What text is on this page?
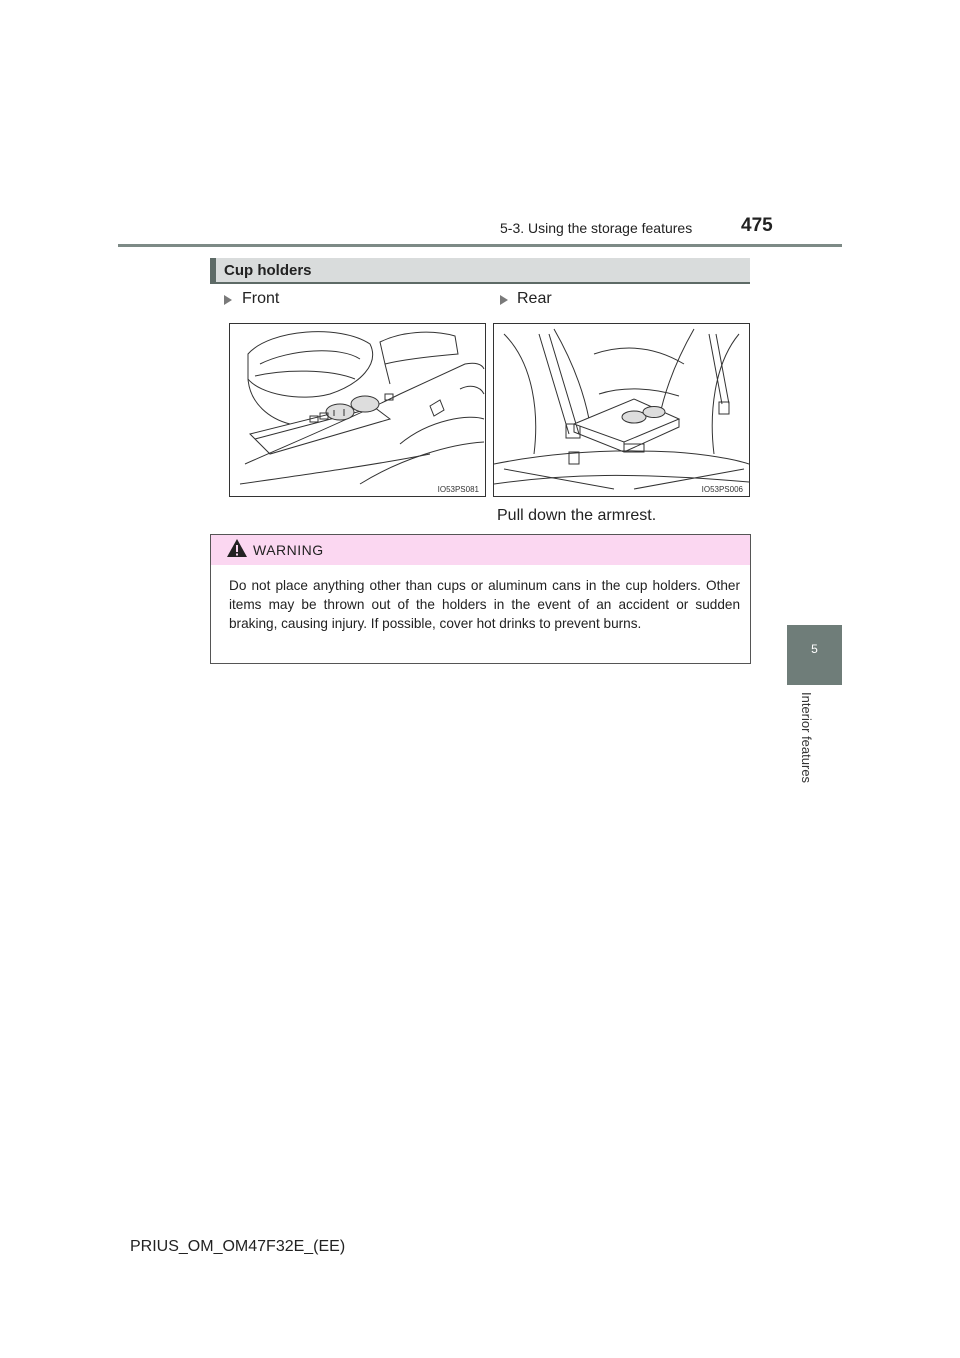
5-3. Using the storage features	475
5
Interior features
Cup holders
Front	Rear
IO53PS081	IO53PS006
Pull down the armrest.
WARNING
Do not place anything other than cups or aluminum cans in the cup holders. Other items may be thrown out of the holders in the event of an accident or sudden braking, causing injury. If possible, cover hot drinks to prevent burns.
PRIUS_OM_OM47F32E_(EE)
